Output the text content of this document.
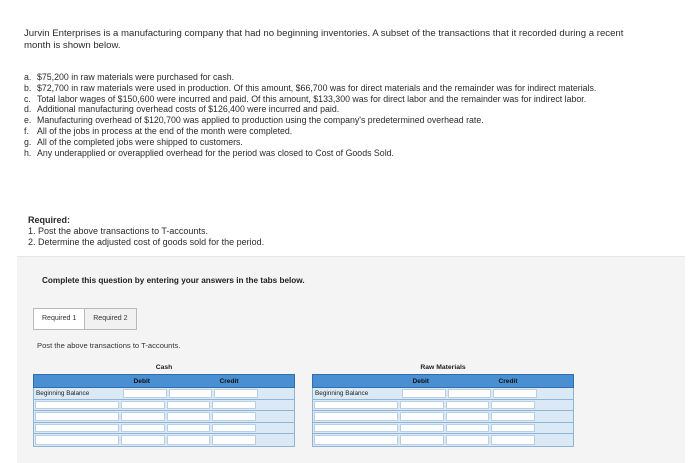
Jurvin Enterprises is a manufacturing company that had no beginning inventories. A subset of the transactions that it recorded during a recent month is shown below.
a. $75,200 in raw materials were purchased for cash.
b. $72,700 in raw materials were used in production. Of this amount, $66,700 was for direct materials and the remainder was for indirect materials.
c. Total labor wages of $150,600 were incurred and paid. Of this amount, $133,300 was for direct labor and the remainder was for indirect labor.
d. Additional manufacturing overhead costs of $126,400 were incurred and paid.
e. Manufacturing overhead of $120,700 was applied to production using the company's predetermined overhead rate.
f. All of the jobs in process at the end of the month were completed.
g. All of the completed jobs were shipped to customers.
h. Any underapplied or overapplied overhead for the period was closed to Cost of Goods Sold.
Required:
1. Post the above transactions to T-accounts.
2. Determine the adjusted cost of goods sold for the period.
Complete this question by entering your answers in the tabs below.
Required 1	Required 2
Post the above transactions to T-accounts.
Cash
Debit	Credit
Beginning Balance
Raw Materials
Debit	Credit
Beginning Balance
